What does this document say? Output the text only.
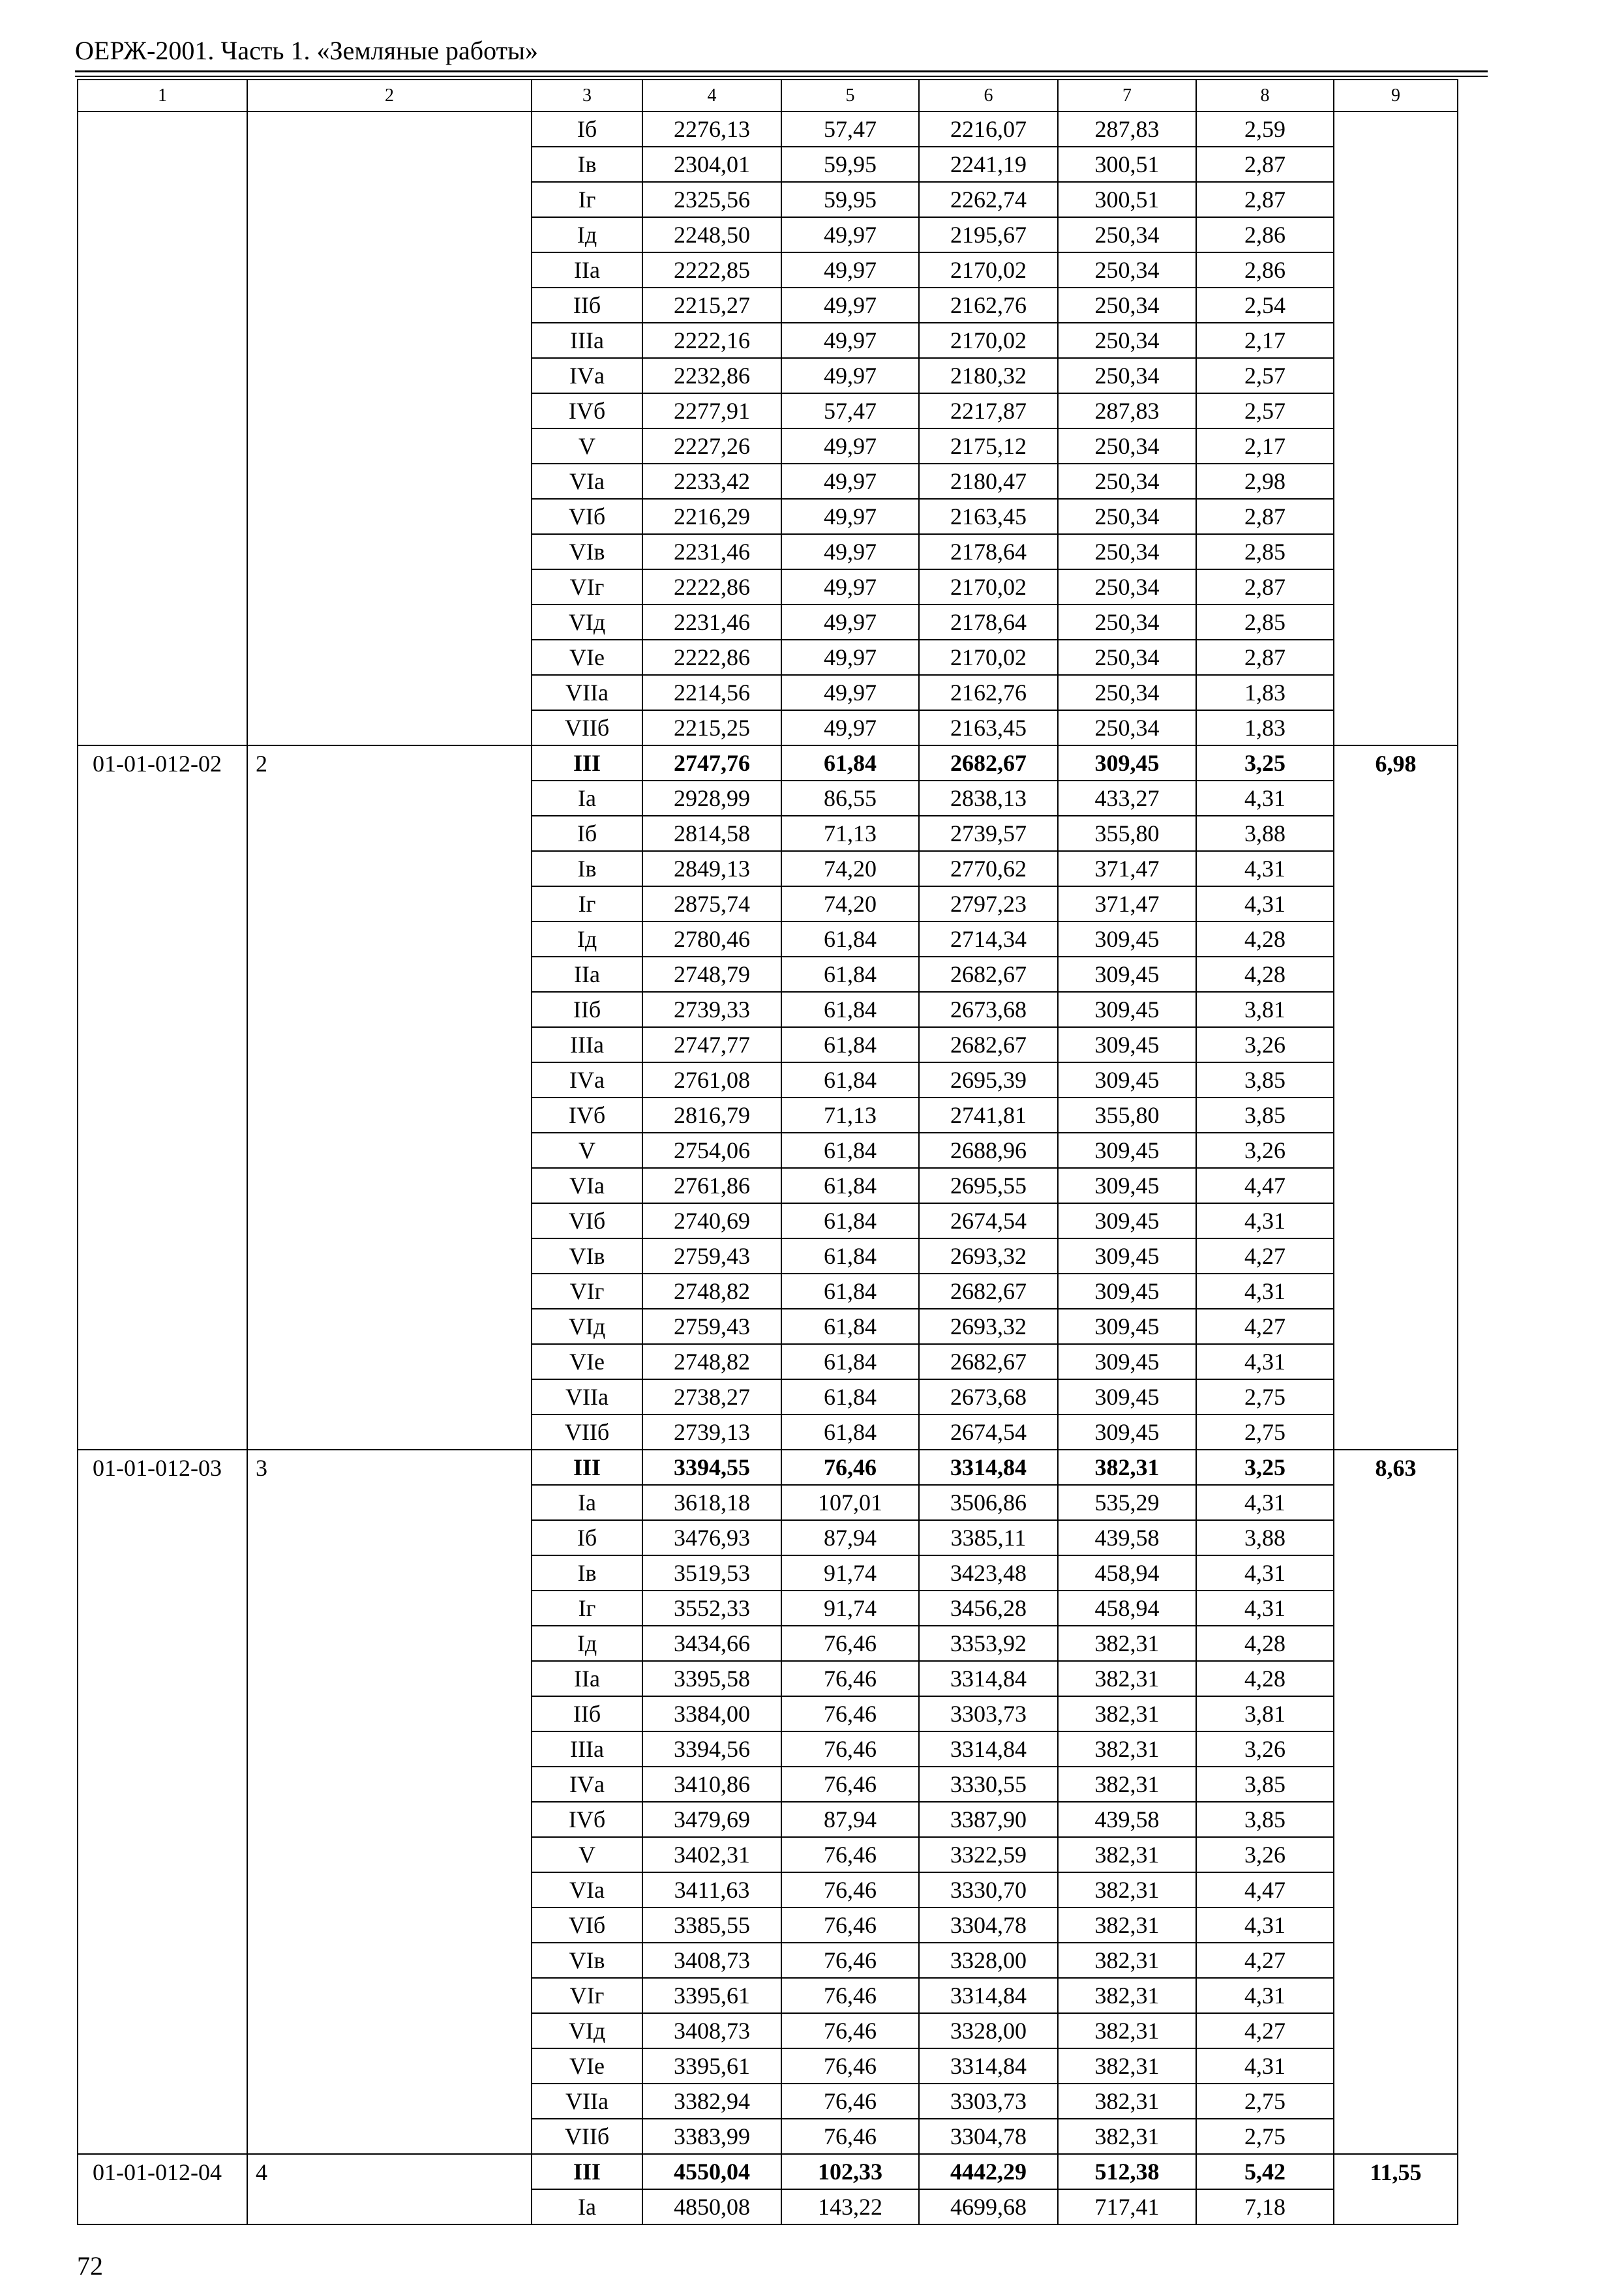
ОЕРЖ-2001. Часть 1. «Земляные работы»
1	2	3	4	5	6	7	8	9
		Iб	2276,13	57,47	2216,07	287,83	2,59	
		Iв	2304,01	59,95	2241,19	300,51	2,87	
		Iг	2325,56	59,95	2262,74	300,51	2,87	
		Iд	2248,50	49,97	2195,67	250,34	2,86	
		IIа	2222,85	49,97	2170,02	250,34	2,86	
		IIб	2215,27	49,97	2162,76	250,34	2,54	
		IIIа	2222,16	49,97	2170,02	250,34	2,17	
		IVа	2232,86	49,97	2180,32	250,34	2,57	
		IVб	2277,91	57,47	2217,87	287,83	2,57	
		V	2227,26	49,97	2175,12	250,34	2,17	
		VIа	2233,42	49,97	2180,47	250,34	2,98	
		VIб	2216,29	49,97	2163,45	250,34	2,87	
		VIв	2231,46	49,97	2178,64	250,34	2,85	
		VIг	2222,86	49,97	2170,02	250,34	2,87	
		VIд	2231,46	49,97	2178,64	250,34	2,85	
		VIе	2222,86	49,97	2170,02	250,34	2,87	
		VIIа	2214,56	49,97	2162,76	250,34	1,83	
		VIIб	2215,25	49,97	2163,45	250,34	1,83	
01-01-012-02	2	III	2747,76	61,84	2682,67	309,45	3,25	6,98
		Iа	2928,99	86,55	2838,13	433,27	4,31	
		Iб	2814,58	71,13	2739,57	355,80	3,88	
		Iв	2849,13	74,20	2770,62	371,47	4,31	
		Iг	2875,74	74,20	2797,23	371,47	4,31	
		Iд	2780,46	61,84	2714,34	309,45	4,28	
		IIа	2748,79	61,84	2682,67	309,45	4,28	
		IIб	2739,33	61,84	2673,68	309,45	3,81	
		IIIа	2747,77	61,84	2682,67	309,45	3,26	
		IVа	2761,08	61,84	2695,39	309,45	3,85	
		IVб	2816,79	71,13	2741,81	355,80	3,85	
		V	2754,06	61,84	2688,96	309,45	3,26	
		VIа	2761,86	61,84	2695,55	309,45	4,47	
		VIб	2740,69	61,84	2674,54	309,45	4,31	
		VIв	2759,43	61,84	2693,32	309,45	4,27	
		VIг	2748,82	61,84	2682,67	309,45	4,31	
		VIд	2759,43	61,84	2693,32	309,45	4,27	
		VIе	2748,82	61,84	2682,67	309,45	4,31	
		VIIа	2738,27	61,84	2673,68	309,45	2,75	
		VIIб	2739,13	61,84	2674,54	309,45	2,75	
01-01-012-03	3	III	3394,55	76,46	3314,84	382,31	3,25	8,63
		Iа	3618,18	107,01	3506,86	535,29	4,31	
		Iб	3476,93	87,94	3385,11	439,58	3,88	
		Iв	3519,53	91,74	3423,48	458,94	4,31	
		Iг	3552,33	91,74	3456,28	458,94	4,31	
		Iд	3434,66	76,46	3353,92	382,31	4,28	
		IIа	3395,58	76,46	3314,84	382,31	4,28	
		IIб	3384,00	76,46	3303,73	382,31	3,81	
		IIIа	3394,56	76,46	3314,84	382,31	3,26	
		IVа	3410,86	76,46	3330,55	382,31	3,85	
		IVб	3479,69	87,94	3387,90	439,58	3,85	
		V	3402,31	76,46	3322,59	382,31	3,26	
		VIа	3411,63	76,46	3330,70	382,31	4,47	
		VIб	3385,55	76,46	3304,78	382,31	4,31	
		VIв	3408,73	76,46	3328,00	382,31	4,27	
		VIг	3395,61	76,46	3314,84	382,31	4,31	
		VIд	3408,73	76,46	3328,00	382,31	4,27	
		VIе	3395,61	76,46	3314,84	382,31	4,31	
		VIIа	3382,94	76,46	3303,73	382,31	2,75	
		VIIб	3383,99	76,46	3304,78	382,31	2,75	
01-01-012-04	4	III	4550,04	102,33	4442,29	512,38	5,42	11,55
		Iа	4850,08	143,22	4699,68	717,41	7,18	
72
